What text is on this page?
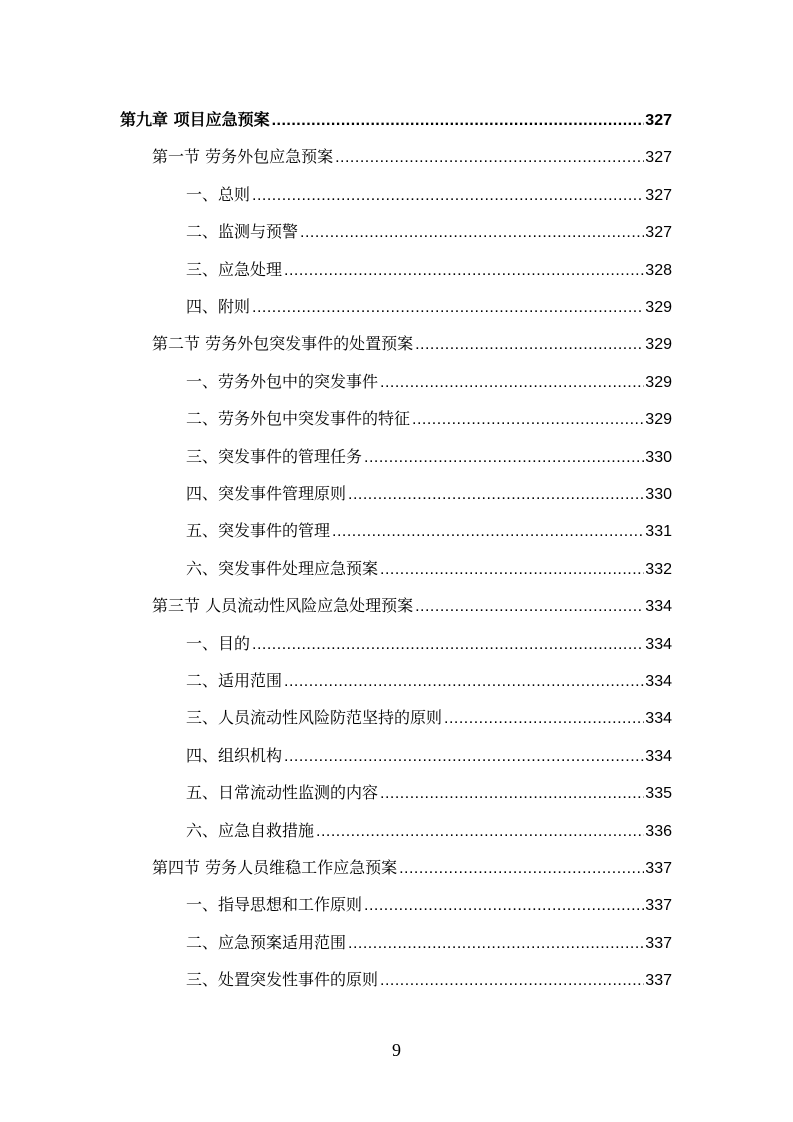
第九章 项目应急预案 .....	327
第一节 劳务外包应急预案 .....	327
一、总则 .....	327
二、监测与预警 .....	327
三、应急处理 .....	328
四、附则 .....	329
第二节 劳务外包突发事件的处置预案 .....	329
一、劳务外包中的突发事件 .....	329
二、劳务外包中突发事件的特征 .....	329
三、突发事件的管理任务 .....	330
四、突发事件管理原则 .....	330
五、突发事件的管理 .....	331
六、突发事件处理应急预案 .....	332
第三节 人员流动性风险应急处理预案 .....	334
一、目的 .....	334
二、适用范围 .....	334
三、人员流动性风险防范坚持的原则 .....	334
四、组织机构 .....	334
五、日常流动性监测的内容 .....	335
六、应急自救措施 .....	336
第四节 劳务人员维稳工作应急预案 .....	337
一、指导思想和工作原则 .....	337
二、应急预案适用范围 .....	337
三、处置突发性事件的原则 .....	337
9
